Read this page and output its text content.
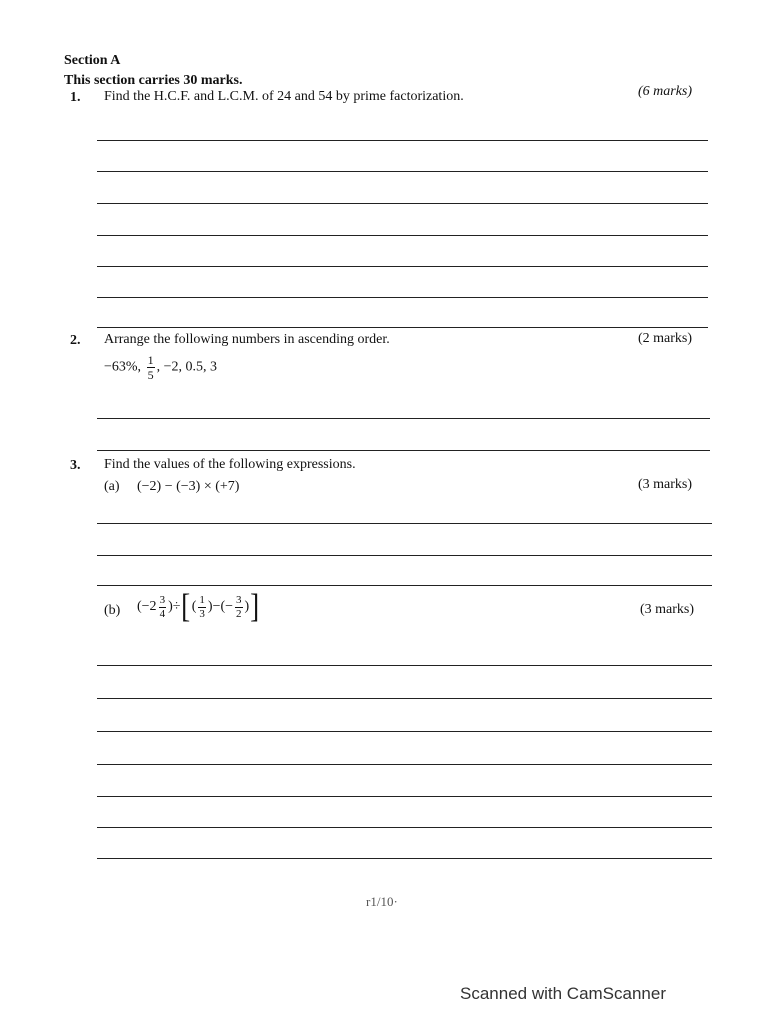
Section A
This section carries 30 marks.
1. Find the H.C.F. and L.C.M. of 24 and 54 by prime factorization.	(6 marks)
2. Arrange the following numbers in ascending order.	(2 marks)
−63%, $\frac{1}{5}$ , −2, 0.5, 3
3. Find the values of the following expressions.
(a) (−2) − (−3) × (+7)	(3 marks)
(b) ($-2 \frac{3}{4}$ )÷[( $\frac{1}{3}$ )−(− $\frac{3}{2}$ )]	(3 marks)
r1/10·
Scanned with CamScanner
